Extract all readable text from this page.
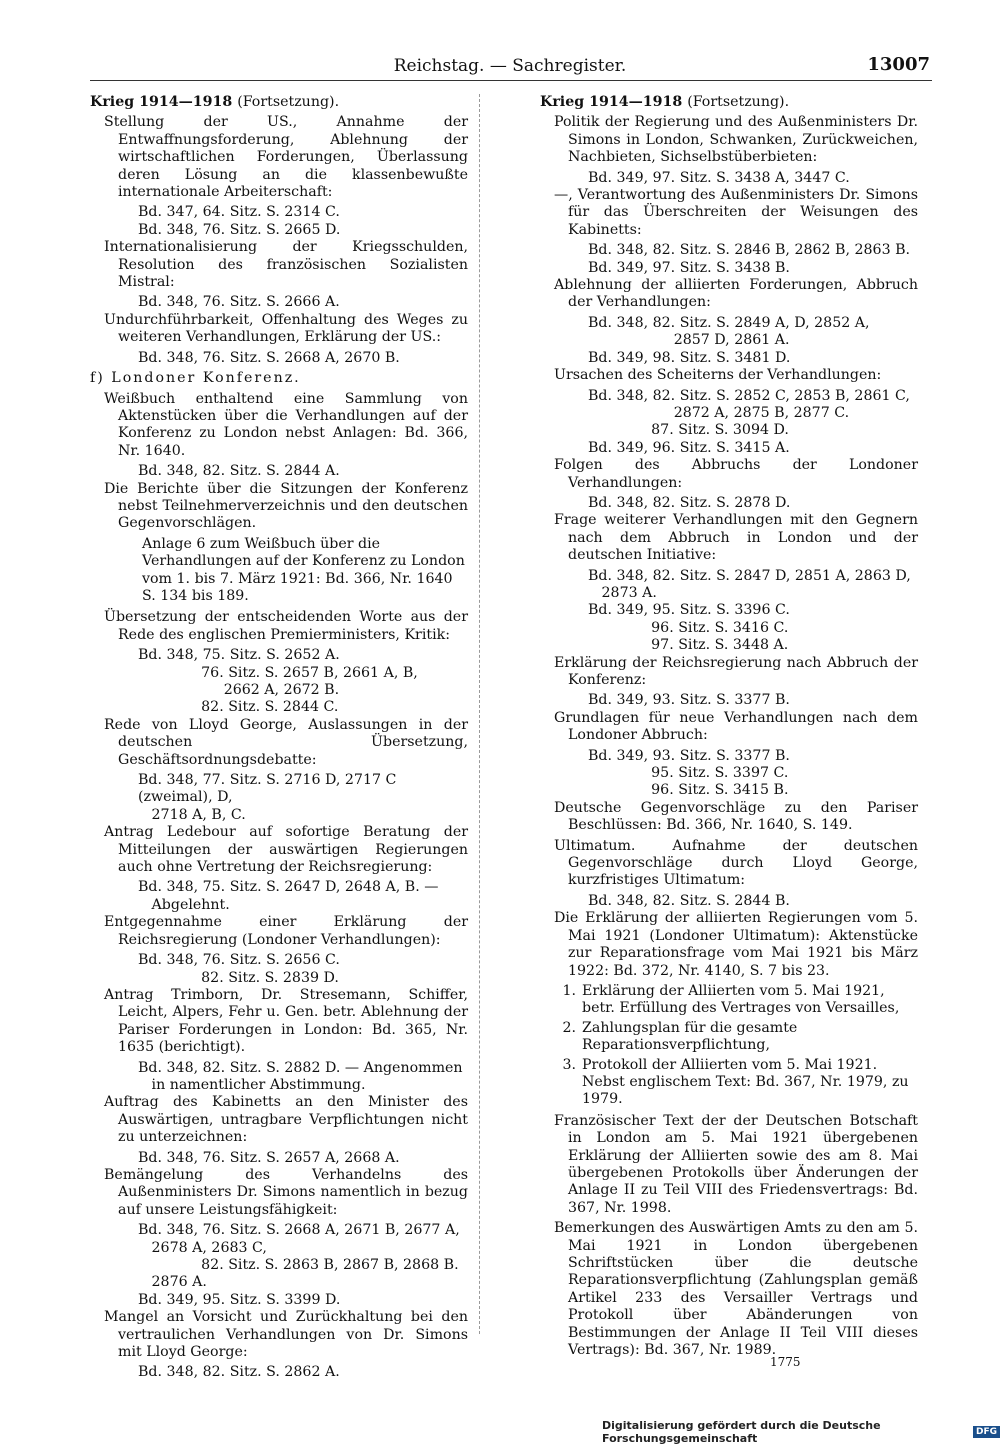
Reichstag. — Sachregister.	13007
Krieg 1914—1918 (Fortsetzung).
Stellung der US., Annahme der Entwaffnungsforderung, Ablehnung der wirtschaftlichen Forderungen, Überlassung deren Lösung an die klassenbewußte internationale Arbeiterschaft:
Bd. 347, 64. Sitz. S. 2314 C.
Bd. 348, 76. Sitz. S. 2665 D.
Internationalisierung der Kriegsschulden, Resolution des französischen Sozialisten Mistral:
Bd. 348, 76. Sitz. S. 2666 A.
Undurchführbarkeit, Offenhaltung des Weges zu weiteren Verhandlungen, Erklärung der US.:
Bd. 348, 76. Sitz. S. 2668 A, 2670 B.
f) Londoner Konferenz.
Weißbuch enthaltend eine Sammlung von Aktenstücken über die Verhandlungen auf der Konferenz zu London nebst Anlagen: Bd. 366, Nr. 1640.
Bd. 348, 82. Sitz. S. 2844 A.
Die Berichte über die Sitzungen der Konferenz nebst Teilnehmerverzeichnis und den deutschen Gegenvorschlägen.
Anlage 6 zum Weißbuch über die Verhandlungen auf der Konferenz zu London vom 1. bis 7. März 1921: Bd. 366, Nr. 1640 S. 134 bis 189.
Übersetzung der entscheidenden Worte aus der Rede des englischen Premierministers, Kritik:
Bd. 348, 75. Sitz. S. 2652 A.
76. Sitz. S. 2657 B, 2661 A, B,
2662 A, 2672 B.
82. Sitz. S. 2844 C.
Rede von Lloyd George, Auslassungen in der deutschen Übersetzung, Geschäftsordnungsdebatte:
Bd. 348, 77. Sitz. S. 2716 D, 2717 C (zweimal), D,
2718 A, B, C.
Antrag Ledebour auf sofortige Beratung der Mitteilungen der auswärtigen Regierungen auch ohne Vertretung der Reichsregierung:
Bd. 348, 75. Sitz. S. 2647 D, 2648 A, B. —
Abgelehnt.
Entgegennahme einer Erklärung der Reichsregierung (Londoner Verhandlungen):
Bd. 348, 76. Sitz. S. 2656 C.
82. Sitz. S. 2839 D.
Antrag Trimborn, Dr. Stresemann, Schiffer, Leicht, Alpers, Fehr u. Gen. betr. Ablehnung der Pariser Forderungen in London: Bd. 365, Nr. 1635 (berichtigt).
Bd. 348, 82. Sitz. S. 2882 D. — Angenommen
in namentlicher Abstimmung.
Auftrag des Kabinetts an den Minister des Auswärtigen, untragbare Verpflichtungen nicht zu unterzeichnen:
Bd. 348, 76. Sitz. S. 2657 A, 2668 A.
Bemängelung des Verhandelns des Außenministers Dr. Simons namentlich in bezug auf unsere Leistungsfähigkeit:
Bd. 348, 76. Sitz. S. 2668 A, 2671 B, 2677 A,
2678 A, 2683 C,
82. Sitz. S. 2863 B, 2867 B, 2868 B.
2876 A.
Bd. 349, 95. Sitz. S. 3399 D.
Mangel an Vorsicht und Zurückhaltung bei den vertraulichen Verhandlungen von Dr. Simons mit Lloyd George:
Bd. 348, 82. Sitz. S. 2862 A.
Krieg 1914—1918 (Fortsetzung).
Politik der Regierung und des Außenministers Dr. Simons in London, Schwanken, Zurückweichen, Nachbieten, Sichselbstüberbieten:
Bd. 349, 97. Sitz. S. 3438 A, 3447 C.
—, Verantwortung des Außenministers Dr. Simons für das Überschreiten der Weisungen des Kabinetts:
Bd. 348, 82. Sitz. S. 2846 B, 2862 B, 2863 B.
Bd. 349, 97. Sitz. S. 3438 B.
Ablehnung der alliierten Forderungen, Abbruch der Verhandlungen:
Bd. 348, 82. Sitz. S. 2849 A, D, 2852 A,
2857 D, 2861 A.
Bd. 349, 98. Sitz. S. 3481 D.
Ursachen des Scheiterns der Verhandlungen:
Bd. 348, 82. Sitz. S. 2852 C, 2853 B, 2861 C,
2872 A, 2875 B, 2877 C.
87. Sitz. S. 3094 D.
Bd. 349, 96. Sitz. S. 3415 A.
Folgen des Abbruchs der Londoner Verhandlungen:
Bd. 348, 82. Sitz. S. 2878 D.
Frage weiterer Verhandlungen mit den Gegnern nach dem Abbruch in London und der deutschen Initiative:
Bd. 348, 82. Sitz. S. 2847 D, 2851 A, 2863 D,
2873 A.
Bd. 349, 95. Sitz. S. 3396 C.
96. Sitz. S. 3416 C.
97. Sitz. S. 3448 A.
Erklärung der Reichsregierung nach Abbruch der Konferenz:
Bd. 349, 93. Sitz. S. 3377 B.
Grundlagen für neue Verhandlungen nach dem Londoner Abbruch:
Bd. 349, 93. Sitz. S. 3377 B.
95. Sitz. S. 3397 C.
96. Sitz. S. 3415 B.
Deutsche Gegenvorschläge zu den Pariser Beschlüssen: Bd. 366, Nr. 1640, S. 149.
Ultimatum. Aufnahme der deutschen Gegenvorschläge durch Lloyd George, kurzfristiges Ultimatum:
Bd. 348, 82. Sitz. S. 2844 B.
Die Erklärung der alliierten Regierungen vom 5. Mai 1921 (Londoner Ultimatum): Aktenstücke zur Reparationsfrage vom Mai 1921 bis März 1922: Bd. 372, Nr. 4140, S. 7 bis 23.
1. Erklärung der Alliierten vom 5. Mai 1921, betr. Erfüllung des Vertrages von Versailles,
2. Zahlungsplan für die gesamte Reparationsverpflichtung,
3. Protokoll der Alliierten vom 5. Mai 1921. Nebst englischem Text: Bd. 367, Nr. 1979, zu 1979.
Französischer Text der der Deutschen Botschaft in London am 5. Mai 1921 übergebenen Erklärung der Alliierten sowie des am 8. Mai übergebenen Protokolls über Änderungen der Anlage II zu Teil VIII des Friedensvertrags: Bd. 367, Nr. 1998.
Bemerkungen des Auswärtigen Amts zu den am 5. Mai 1921 in London übergebenen Schriftstücken über die deutsche Reparationsverpflichtung (Zahlungsplan gemäß Artikel 233 des Versailler Vertrags und Protokoll über Abänderungen von Bestimmungen der Anlage II Teil VIII dieses Vertrags): Bd. 367, Nr. 1989.
1775
Digitalisierung gefördert durch die Deutsche Forschungsgemeinschaft	DFG
